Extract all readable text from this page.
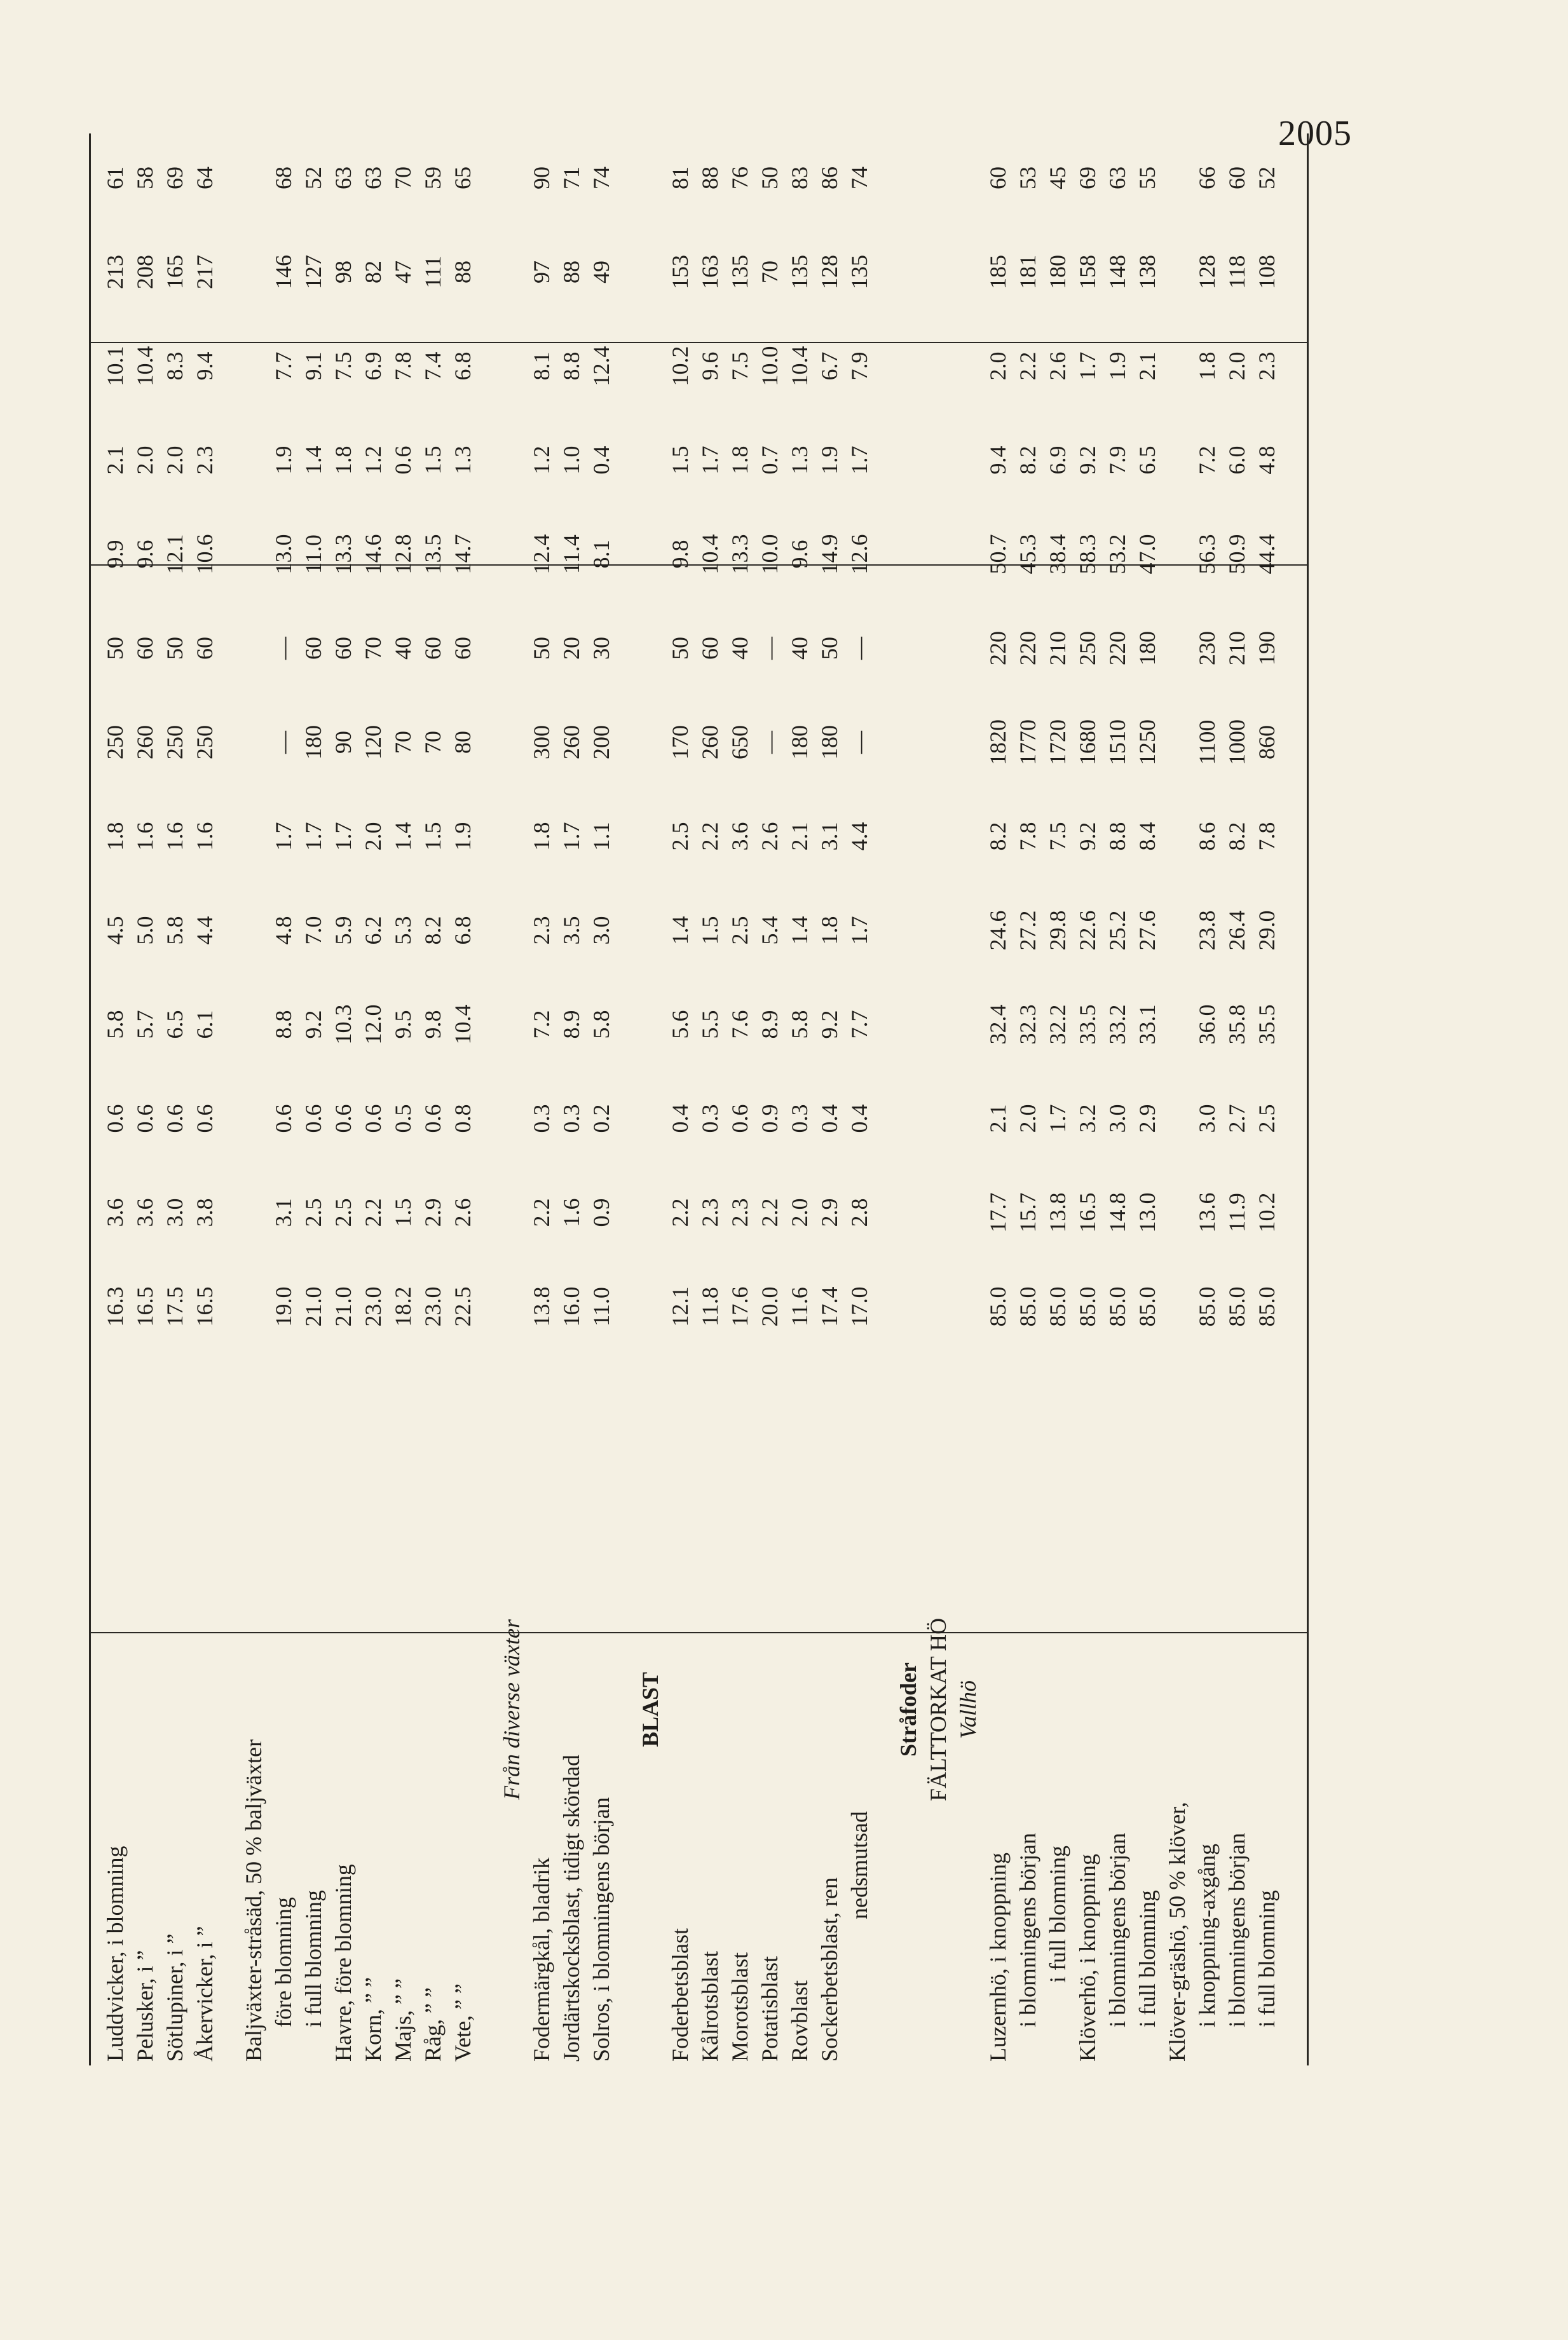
2005
Luddvicker, i blomning
16.3
3.6
0.6
5.8
4.5
1.8
250
50
9.9
2.1
10.1
213
61
Pelusker, i ”
16.5
3.6
0.6
5.7
5.0
1.6
260
60
9.6
2.0
10.4
208
58
Sötlupiner, i ”
17.5
3.0
0.6
6.5
5.8
1.6
250
50
12.1
2.0
8.3
165
69
Åkervicker, i ”
16.5
3.8
0.6
6.1
4.4
1.6
250
60
10.6
2.3
9.4
217
64
Baljväxter-stråsäd, 50 % baljväxter före blomning
19.0
3.1
0.6
8.8
4.8
1.7
—
—
13.0
1.9
7.7
146
68
i full blomning
21.0
2.5
0.6
9.2
7.0
1.7
180
60
11.0
1.4
9.1
127
52
Havre, före blomning
21.0
2.5
0.6
10.3
5.9
1.7
90
60
13.3
1.8
7.5
98
63
Korn, ” ”
23.0
2.2
0.6
12.0
6.2
2.0
120
70
14.6
1.2
6.9
82
63
Majs, ” ”
18.2
1.5
0.5
9.5
5.3
1.4
70
40
12.8
0.6
7.8
47
70
Råg, ” ”
23.0
2.9
0.6
9.8
8.2
1.5
70
60
13.5
1.5
7.4
111
59
Vete, ” ”
22.5
2.6
0.8
10.4
6.8
1.9
80
60
14.7
1.3
6.8
88
65
Från diverse växter
Fodermärgkål, bladrik
13.8
2.2
0.3
7.2
2.3
1.8
300
50
12.4
1.2
8.1
97
90
Jordärtskocksblast, tidigt skördad
16.0
1.6
0.3
8.9
3.5
1.7
260
20
11.4
1.0
8.8
88
71
Solros, i blomningens början
11.0
0.9
0.2
5.8
3.0
1.1
200
30
8.1
0.4
12.4
49
74
BLAST
Foderbetsblast
12.1
2.2
0.4
5.6
1.4
2.5
170
50
9.8
1.5
10.2
153
81
Kålrotsblast
11.8
2.3
0.3
5.5
1.5
2.2
260
60
10.4
1.7
9.6
163
88
Morotsblast
17.6
2.3
0.6
7.6
2.5
3.6
650
40
13.3
1.8
7.5
135
76
Potatisblast
20.0
2.2
0.9
8.9
5.4
2.6
—
—
10.0
0.7
10.0
70
50
Rovblast
11.6
2.0
0.3
5.8
1.4
2.1
180
40
9.6
1.3
10.4
135
83
Sockerbetsblast, ren
17.4
2.9
0.4
9.2
1.8
3.1
180
50
14.9
1.9
6.7
128
86
nedsmutsad
17.0
2.8
0.4
7.7
1.7
4.4
—
—
12.6
1.7
7.9
135
74
Stråfoder FÄLTTORKAT HÖ Vallhö
Luzernhö, i knoppning
85.0
17.7
2.1
32.4
24.6
8.2
1820
220
50.7
9.4
2.0
185
60
i blomningens början
85.0
15.7
2.0
32.3
27.2
7.8
1770
220
45.3
8.2
2.2
181
53
i full blomning
85.0
13.8
1.7
32.2
29.8
7.5
1720
210
38.4
6.9
2.6
180
45
Klöverhö, i knoppning
85.0
16.5
3.2
33.5
22.6
9.2
1680
250
58.3
9.2
1.7
158
69
i blomningens början
85.0
14.8
3.0
33.2
25.2
8.8
1510
220
53.2
7.9
1.9
148
63
i full blomning
85.0
13.0
2.9
33.1
27.6
8.4
1250
180
47.0
6.5
2.1
138
55
Klöver-gräshö, 50 % klöver, i knoppning-axgång
85.0
13.6
3.0
36.0
23.8
8.6
1100
230
56.3
7.2
1.8
128
66
i blomningens början
85.0
11.9
2.7
35.8
26.4
8.2
1000
210
50.9
6.0
2.0
118
60
i full blomning
85.0
10.2
2.5
35.5
29.0
7.8
860
190
44.4
4.8
2.3
108
52
